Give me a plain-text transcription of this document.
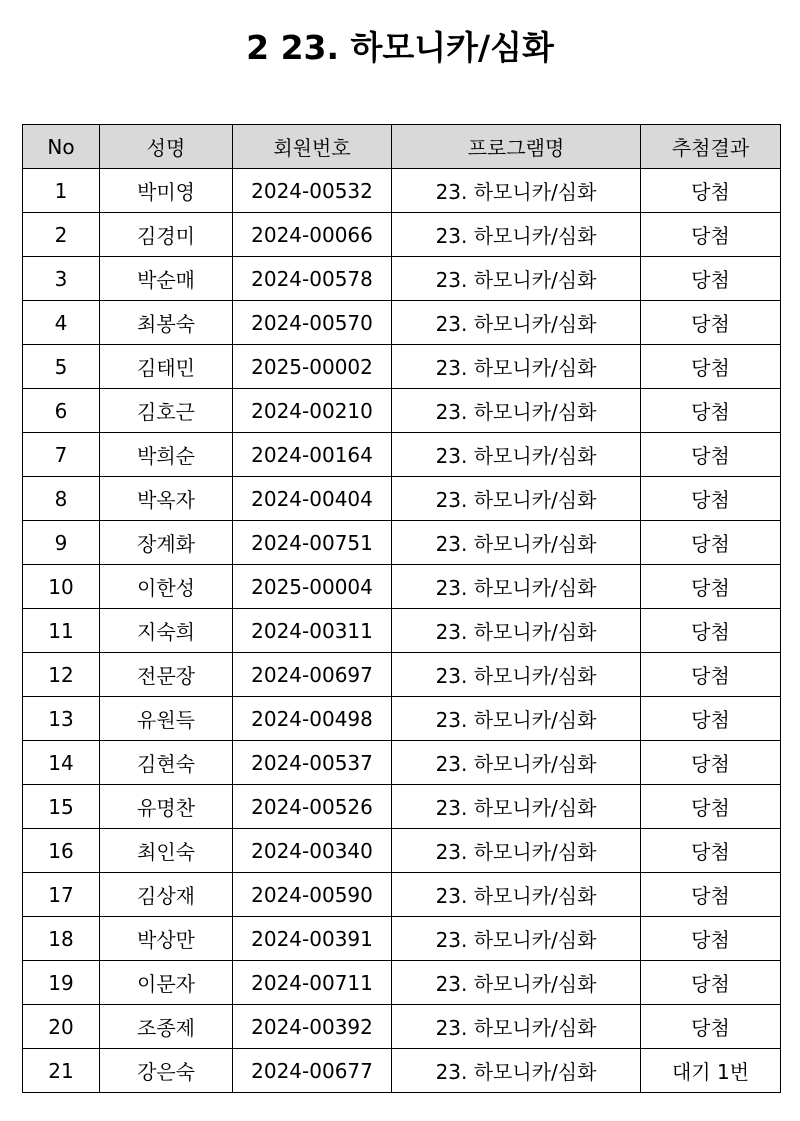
2 23. 하모니카/심화
No	성명	회원번호	프로그램명	추첨결과
1	박미영	2024-00532	23. 하모니카/심화	당첨
2	김경미	2024-00066	23. 하모니카/심화	당첨
3	박순매	2024-00578	23. 하모니카/심화	당첨
4	최봉숙	2024-00570	23. 하모니카/심화	당첨
5	김태민	2025-00002	23. 하모니카/심화	당첨
6	김호근	2024-00210	23. 하모니카/심화	당첨
7	박희순	2024-00164	23. 하모니카/심화	당첨
8	박옥자	2024-00404	23. 하모니카/심화	당첨
9	장계화	2024-00751	23. 하모니카/심화	당첨
10	이한성	2025-00004	23. 하모니카/심화	당첨
11	지숙희	2024-00311	23. 하모니카/심화	당첨
12	전문장	2024-00697	23. 하모니카/심화	당첨
13	유원득	2024-00498	23. 하모니카/심화	당첨
14	김현숙	2024-00537	23. 하모니카/심화	당첨
15	유명찬	2024-00526	23. 하모니카/심화	당첨
16	최인숙	2024-00340	23. 하모니카/심화	당첨
17	김상재	2024-00590	23. 하모니카/심화	당첨
18	박상만	2024-00391	23. 하모니카/심화	당첨
19	이문자	2024-00711	23. 하모니카/심화	당첨
20	조종제	2024-00392	23. 하모니카/심화	당첨
21	강은숙	2024-00677	23. 하모니카/심화	대기 1번
